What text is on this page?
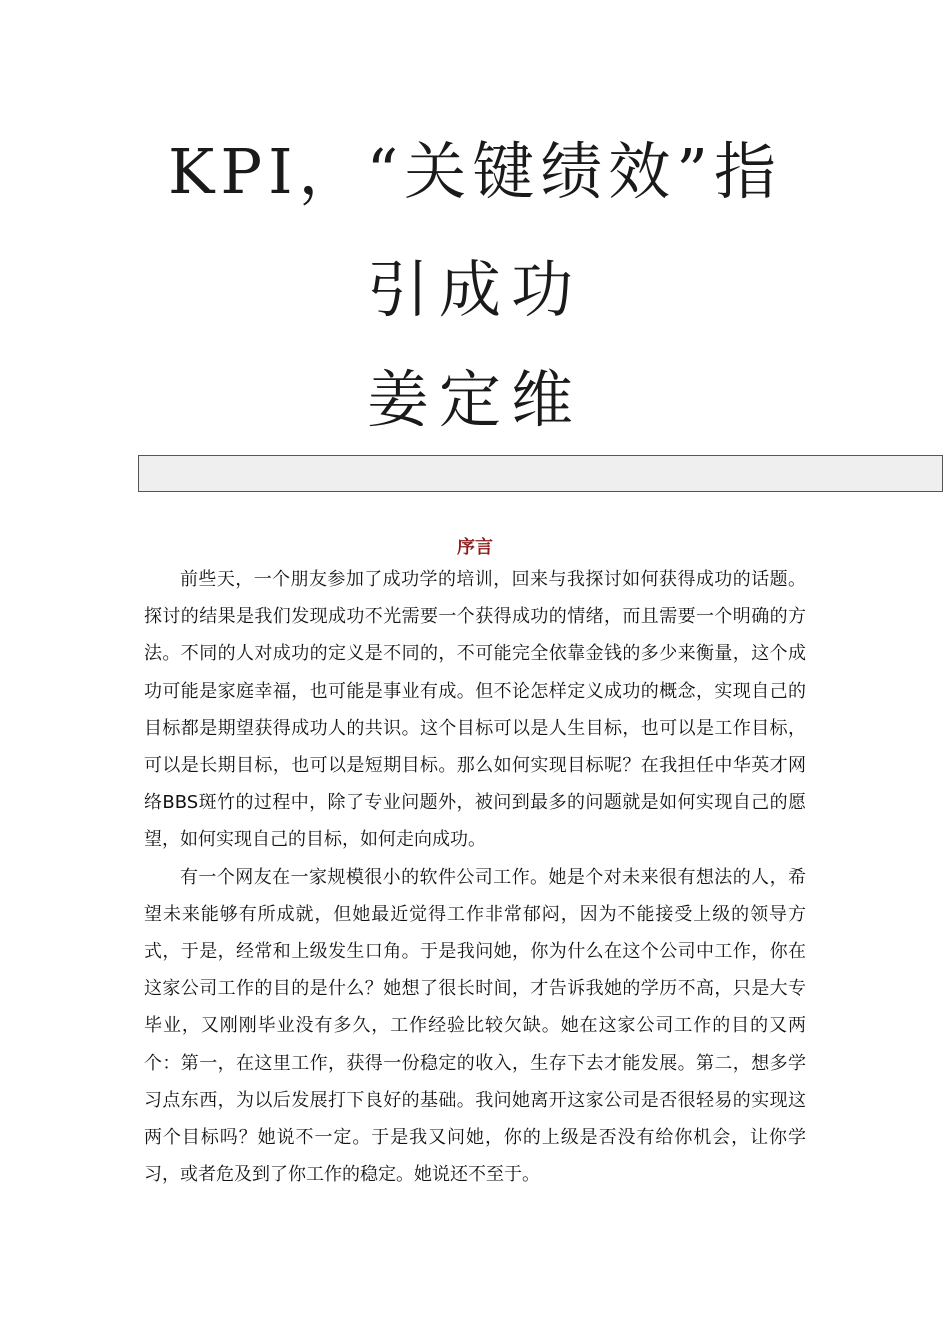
KPI，“关键绩效”指
引成功
姜定维
序言

前些天，一个朋友参加了成功学的培训，回来与我探讨如何获得成功的话题。探讨的结果是我们发现成功不光需要一个获得成功的情绪，而且需要一个明确的方法。不同的人对成功的定义是不同的，不可能完全依靠金钱的多少来衡量，这个成功可能是家庭幸福，也可能是事业有成。但不论怎样定义成功的概念，实现自己的目标都是期望获得成功人的共识。这个目标可以是人生目标，也可以是工作目标，可以是长期目标，也可以是短期目标。那么如何实现目标呢？在我担任中华英才网络BBS斑竹的过程中，除了专业问题外，被问到最多的问题就是如何实现自己的愿望，如何实现自己的目标，如何走向成功。

有一个网友在一家规模很小的软件公司工作。她是个对未来很有想法的人，希望未来能够有所成就，但她最近觉得工作非常郁闷，因为不能接受上级的领导方式，于是，经常和上级发生口角。于是我问她，你为什么在这个公司中工作，你在这家公司工作的目的是什么？她想了很长时间，才告诉我她的学历不高，只是大专毕业，又刚刚毕业没有多久，工作经验比较欠缺。她在这家公司工作的目的又两个：第一，在这里工作，获得一份稳定的收入，生存下去才能发展。第二，想多学习点东西，为以后发展打下良好的基础。我问她离开这家公司是否很轻易的实现这两个目标吗？她说不一定。于是我又问她，你的上级是否没有给你机会，让你学习，或者危及到了你工作的稳定。她说还不至于。
